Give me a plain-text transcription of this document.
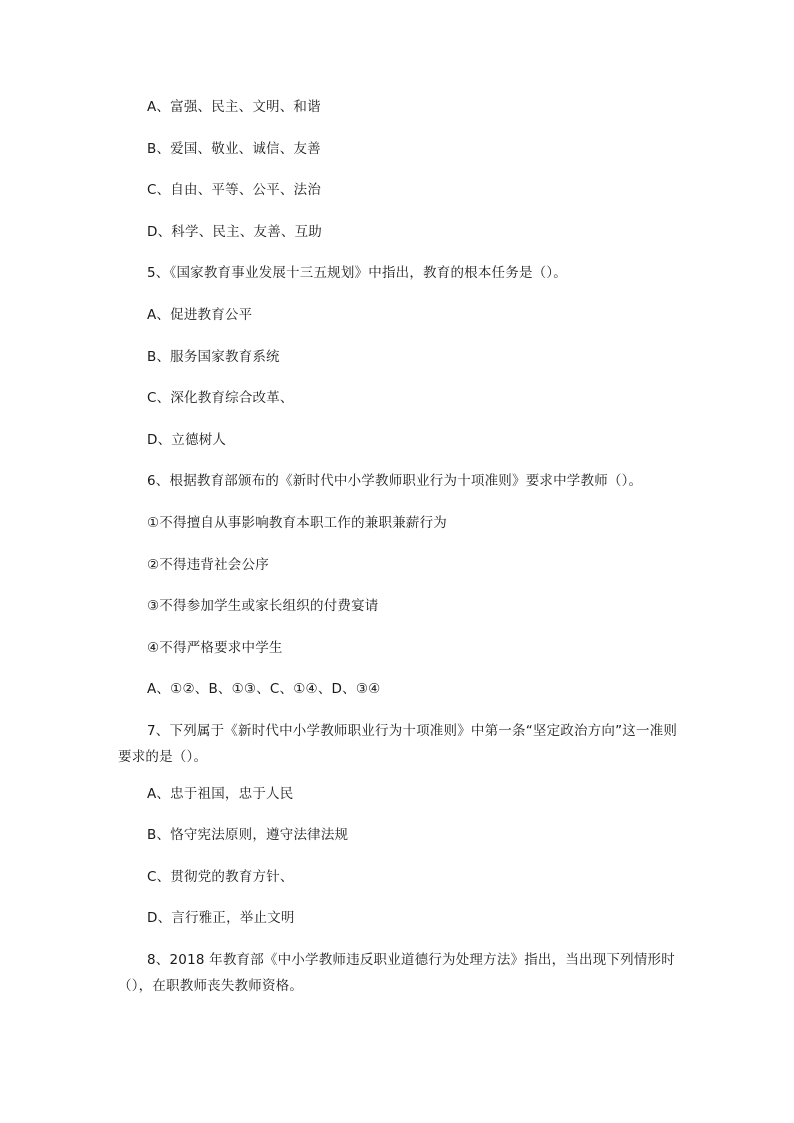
A、富强、民主、文明、和谐
B、爱国、敬业、诚信、友善
C、自由、平等、公平、法治
D、科学、民主、友善、互助
5、《国家教育事业发展十三五规划》中指出，教育的根本任务是（）。
A、促进教育公平
B、服务国家教育系统
C、深化教育综合改革、
D、立德树人
6、根据教育部颁布的《新时代中小学教师职业行为十项准则》要求中学教师（）。
①不得擅自从事影响教育本职工作的兼职兼薪行为
②不得违背社会公序
③不得参加学生或家长组织的付费宴请
④不得严格要求中学生
A、①②、B、①③、C、①④、D、③④
7、下列属于《新时代中小学教师职业行为十项准则》中第一条“坚定政治方向”这一准则要求的是（）。
A、忠于祖国，忠于人民
B、恪守宪法原则，遵守法律法规
C、贯彻党的教育方针、
D、言行雅正，举止文明
8、2018 年教育部《中小学教师违反职业道德行为处理方法》指出，当出现下列情形时（），在职教师丧失教师资格。
